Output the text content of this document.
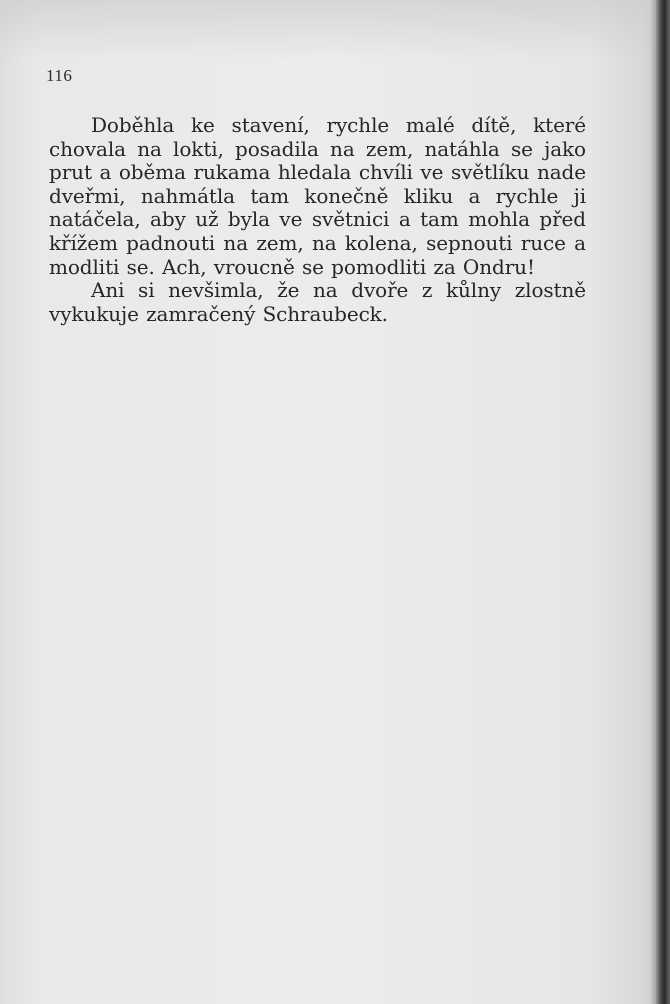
116

Doběhla ke stavení, rychle malé dítě, které chovala na lokti, posadila na zem, natáhla se jako prut a oběma rukama hledala chvíli ve světlíku nade dveřmi, nahmátla tam konečně kliku a rychle ji natáčela, aby už byla ve světnici a tam mohla před křížem padnouti na zem, na kolena, sepnouti ruce a modliti se. Ach, vroucně se pomodliti za Ondru!

Ani si nevšimla, že na dvoře z kůlny zlostně vykukuje zamračený Schraubeck.
